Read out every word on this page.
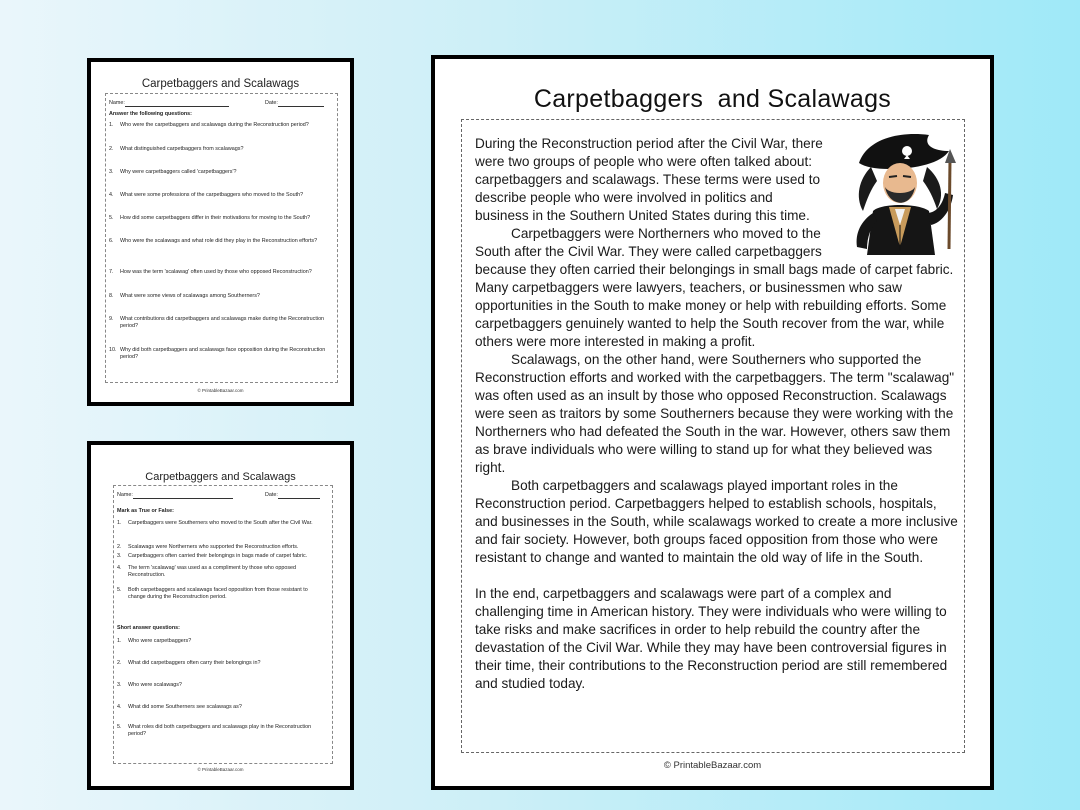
Carpetbaggers and Scalawags
Name:	Date:
Answer the following questions:
1.	Who were the carpetbaggers and scalawags during the Reconstruction period?
2.	What distinguished carpetbaggers from scalawags?
3.	Why were carpetbaggers called 'carpetbaggers'?
4.	What were some professions of the carpetbaggers who moved to the South?
5.	How did some carpetbaggers differ in their motivations for moving to the South?
6.	Who were the scalawags and what role did they play in the Reconstruction efforts?
7.	How was the term 'scalawag' often used by those who opposed Reconstruction?
8.	What were some views of scalawags among Southerners?
9.	What contributions did carpetbaggers and scalawags make during the Reconstruction period?
10. Why did both carpetbaggers and scalawags face opposition during the Reconstruction period?
© PrintableBazaar.com
Carpetbaggers and Scalawags
Name:	Date:
Mark as True or False:
1.	Carpetbaggers were Southerners who moved to the South after the Civil War.
2.	Scalawags were Northerners who supported the Reconstruction efforts.
3.	Carpetbaggers often carried their belongings in bags made of carpet fabric.
4.	The term 'scalawag' was used as a compliment by those who opposed Reconstruction.
5.	Both carpetbaggers and scalawags faced opposition from those resistant to change during the Reconstruction period.
Short answer questions:
1.	Who were carpetbaggers?
2.	What did carpetbaggers often carry their belongings in?
3.	Who were scalawags?
4.	What did some Southerners see scalawags as?
5.	What roles did both carpetbaggers and scalawags play in the Reconstruction period?
© PrintableBazaar.com
Carpetbaggers  and Scalawags

During the Reconstruction period after the Civil War, there were two groups of people who were often talked about: carpetbaggers and scalawags. These terms were used to describe people who were involved in politics and business in the Southern United States during this time.

Carpetbaggers were Northerners who moved to the South after the Civil War. They were called carpetbaggers because they often carried their belongings in small bags made of carpet fabric. Many carpetbaggers were lawyers, teachers, or businessmen who saw opportunities in the South to make money or help with rebuilding efforts. Some carpetbaggers genuinely wanted to help the South recover from the war, while others were more interested in making a profit.

Scalawags, on the other hand, were Southerners who supported the Reconstruction efforts and worked with the carpetbaggers. The term "scalawag" was often used as an insult by those who opposed Reconstruction. Scalawags were seen as traitors by some Southerners because they were working with the Northerners who had defeated the South in the war. However, others saw them as brave individuals who were willing to stand up for what they believed was right.

Both carpetbaggers and scalawags played important roles in the Reconstruction period. Carpetbaggers helped to establish schools, hospitals, and businesses in the South, while scalawags worked to create a more inclusive and fair society. However, both groups faced opposition from those who were resistant to change and wanted to maintain the old way of life in the South.

In the end, carpetbaggers and scalawags were part of a complex and challenging time in American history. They were individuals who were willing to take risks and make sacrifices in order to help rebuild the country after the devastation of the Civil War. While they may have been controversial figures in their time, their contributions to the Reconstruction period are still remembered and studied today.

© PrintableBazaar.com
